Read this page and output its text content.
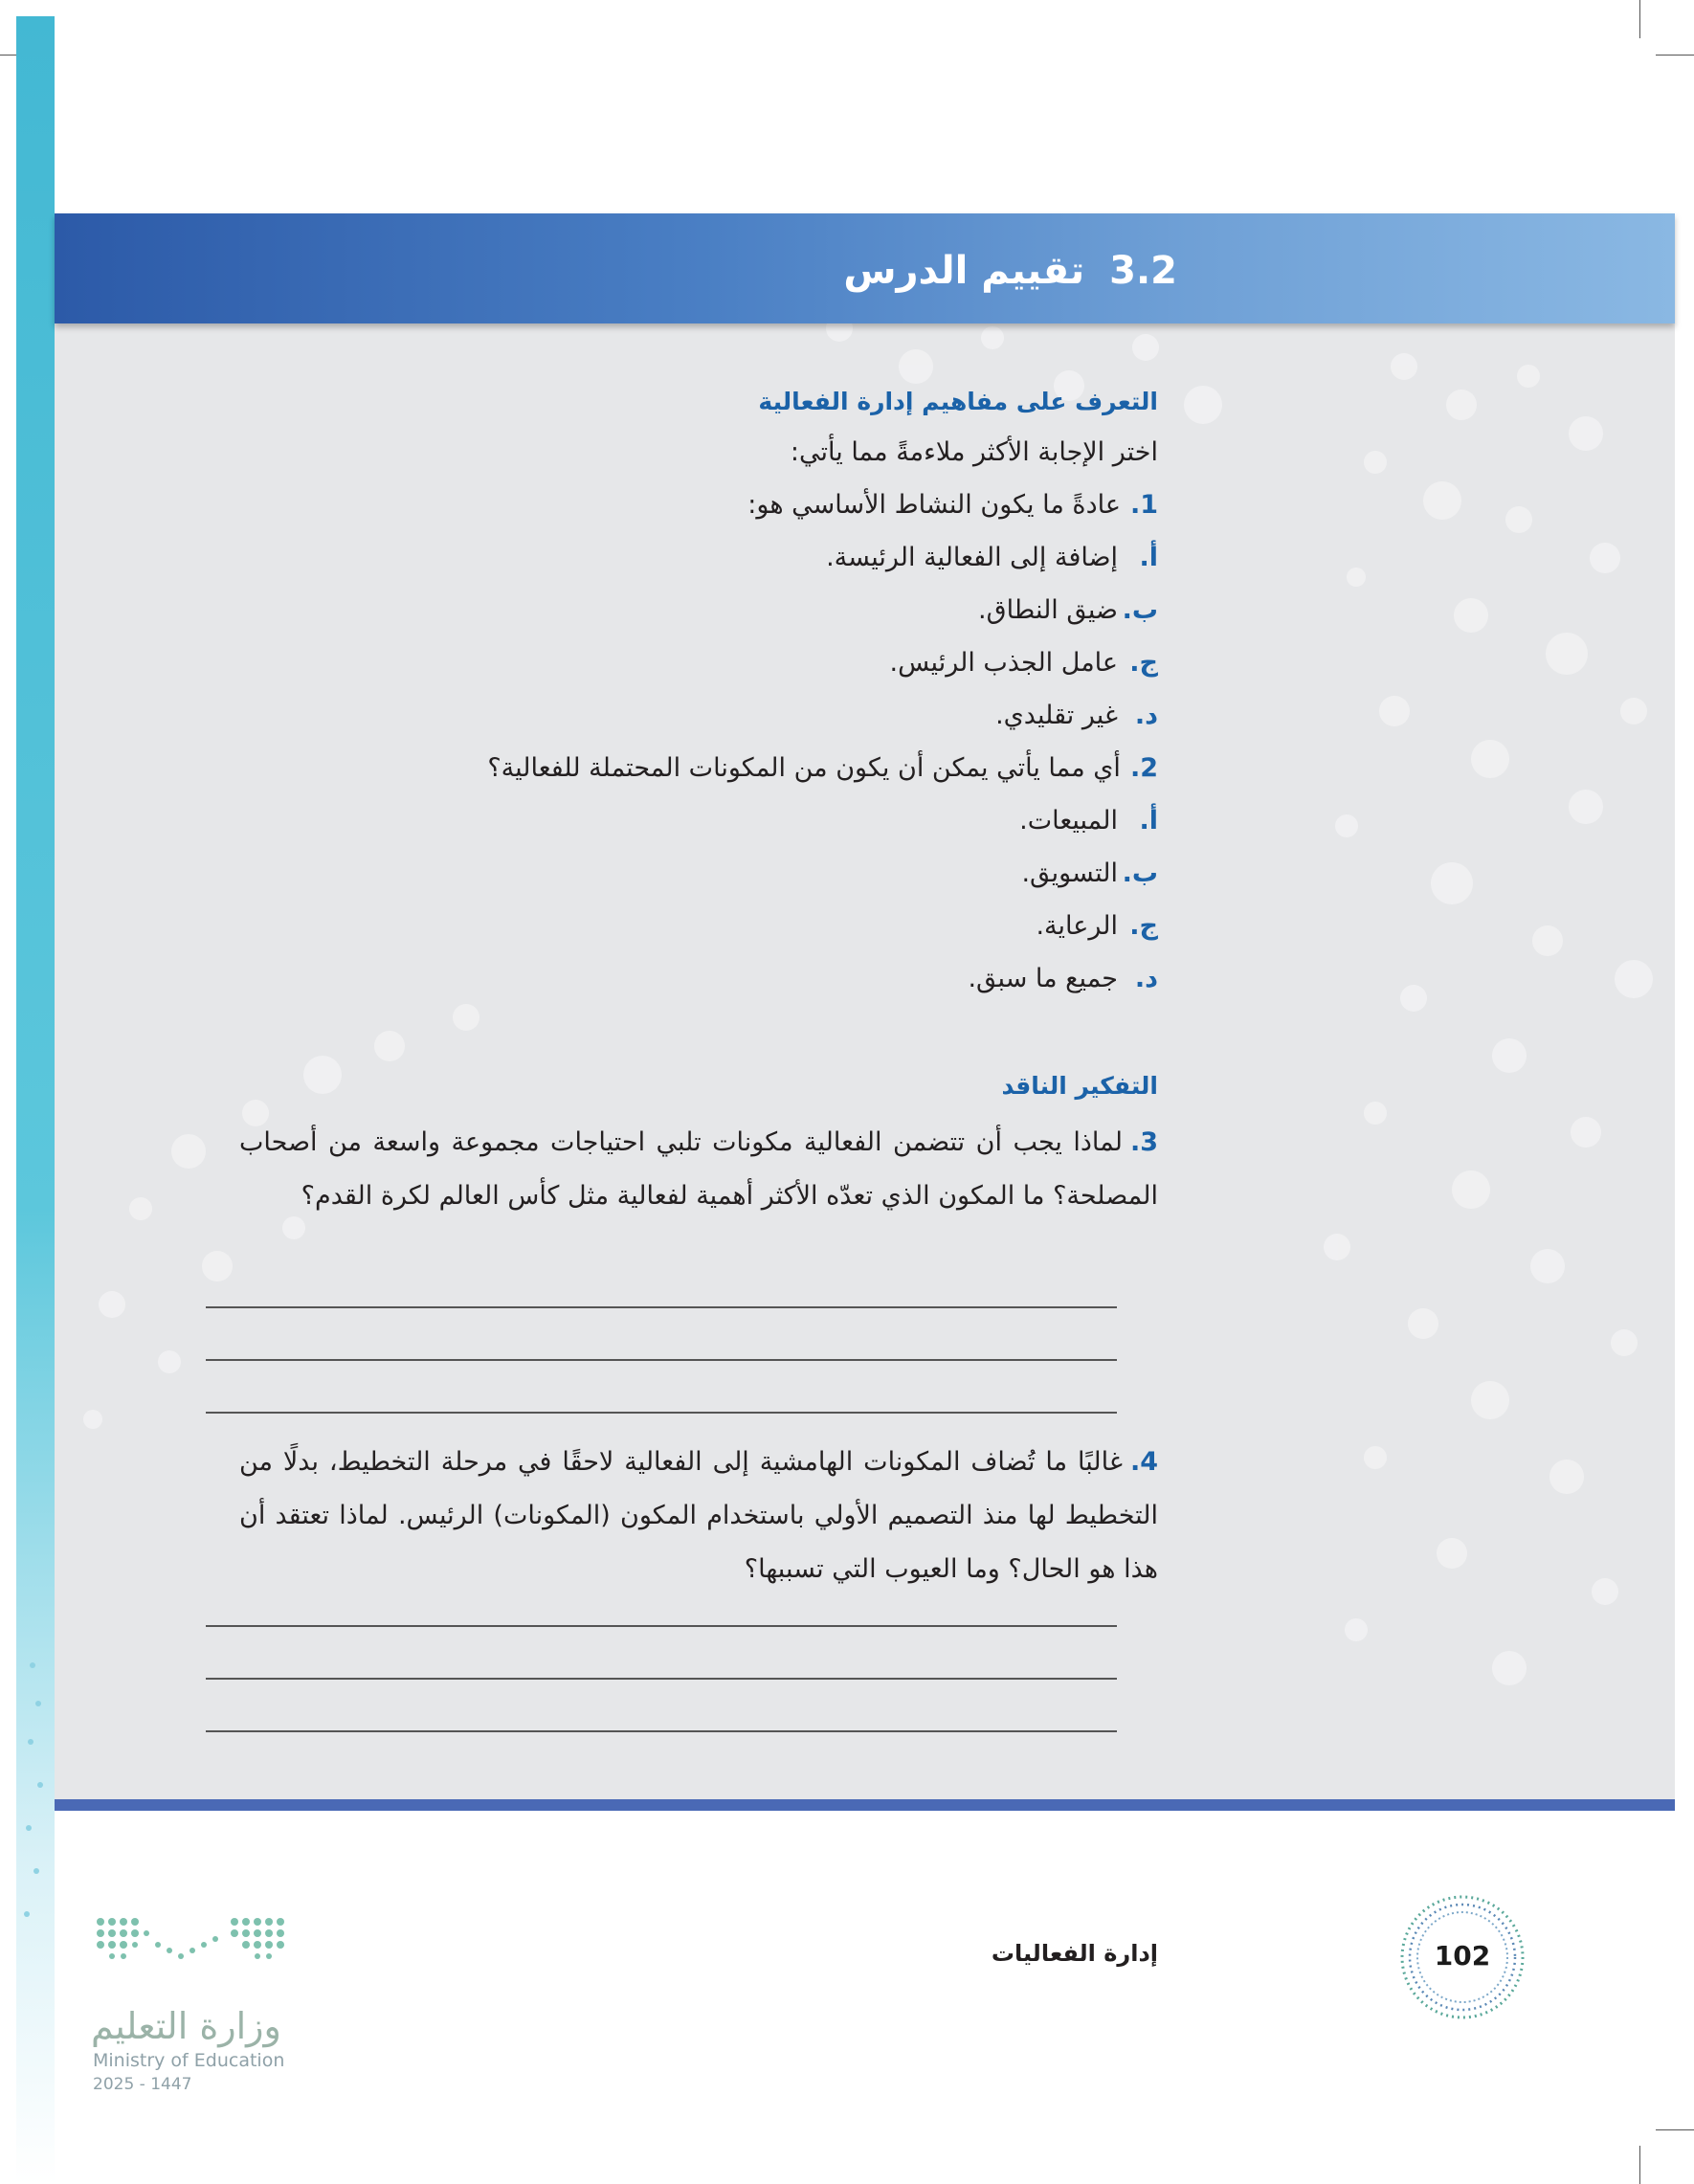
3.2تقييم الدرس
التعرف على مفاهيم إدارة الفعالية
اختر الإجابة الأكثر ملاءمةً مما يأتي:
1.عادةً ما يكون النشاط الأساسي هو:
أ.إضافة إلى الفعالية الرئيسة.
ب.ضيق النطاق.
ج.عامل الجذب الرئيس.
د.غير تقليدي.
2.أي مما يأتي يمكن أن يكون من المكونات المحتملة للفعالية؟
أ.المبيعات.
ب.التسويق.
ج.الرعاية.
د.جميع ما سبق.
التفكير الناقد
3.لماذا يجب أن تتضمن الفعالية مكونات تلبي احتياجات مجموعة واسعة من أصحاب المصلحة؟ ما المكون الذي تعدّه الأكثر أهمية لفعالية مثل كأس العالم لكرة القدم؟
4.غالبًا ما تُضاف المكونات الهامشية إلى الفعالية لاحقًا في مرحلة التخطيط، بدلًا من التخطيط لها منذ التصميم الأولي باستخدام المكون (المكونات) الرئيس. لماذا تعتقد أن هذا هو الحال؟ وما العيوب التي تسببها؟
إدارة الفعاليات	102
وزارة التعليم
Ministry of Education
2025 - 1447
